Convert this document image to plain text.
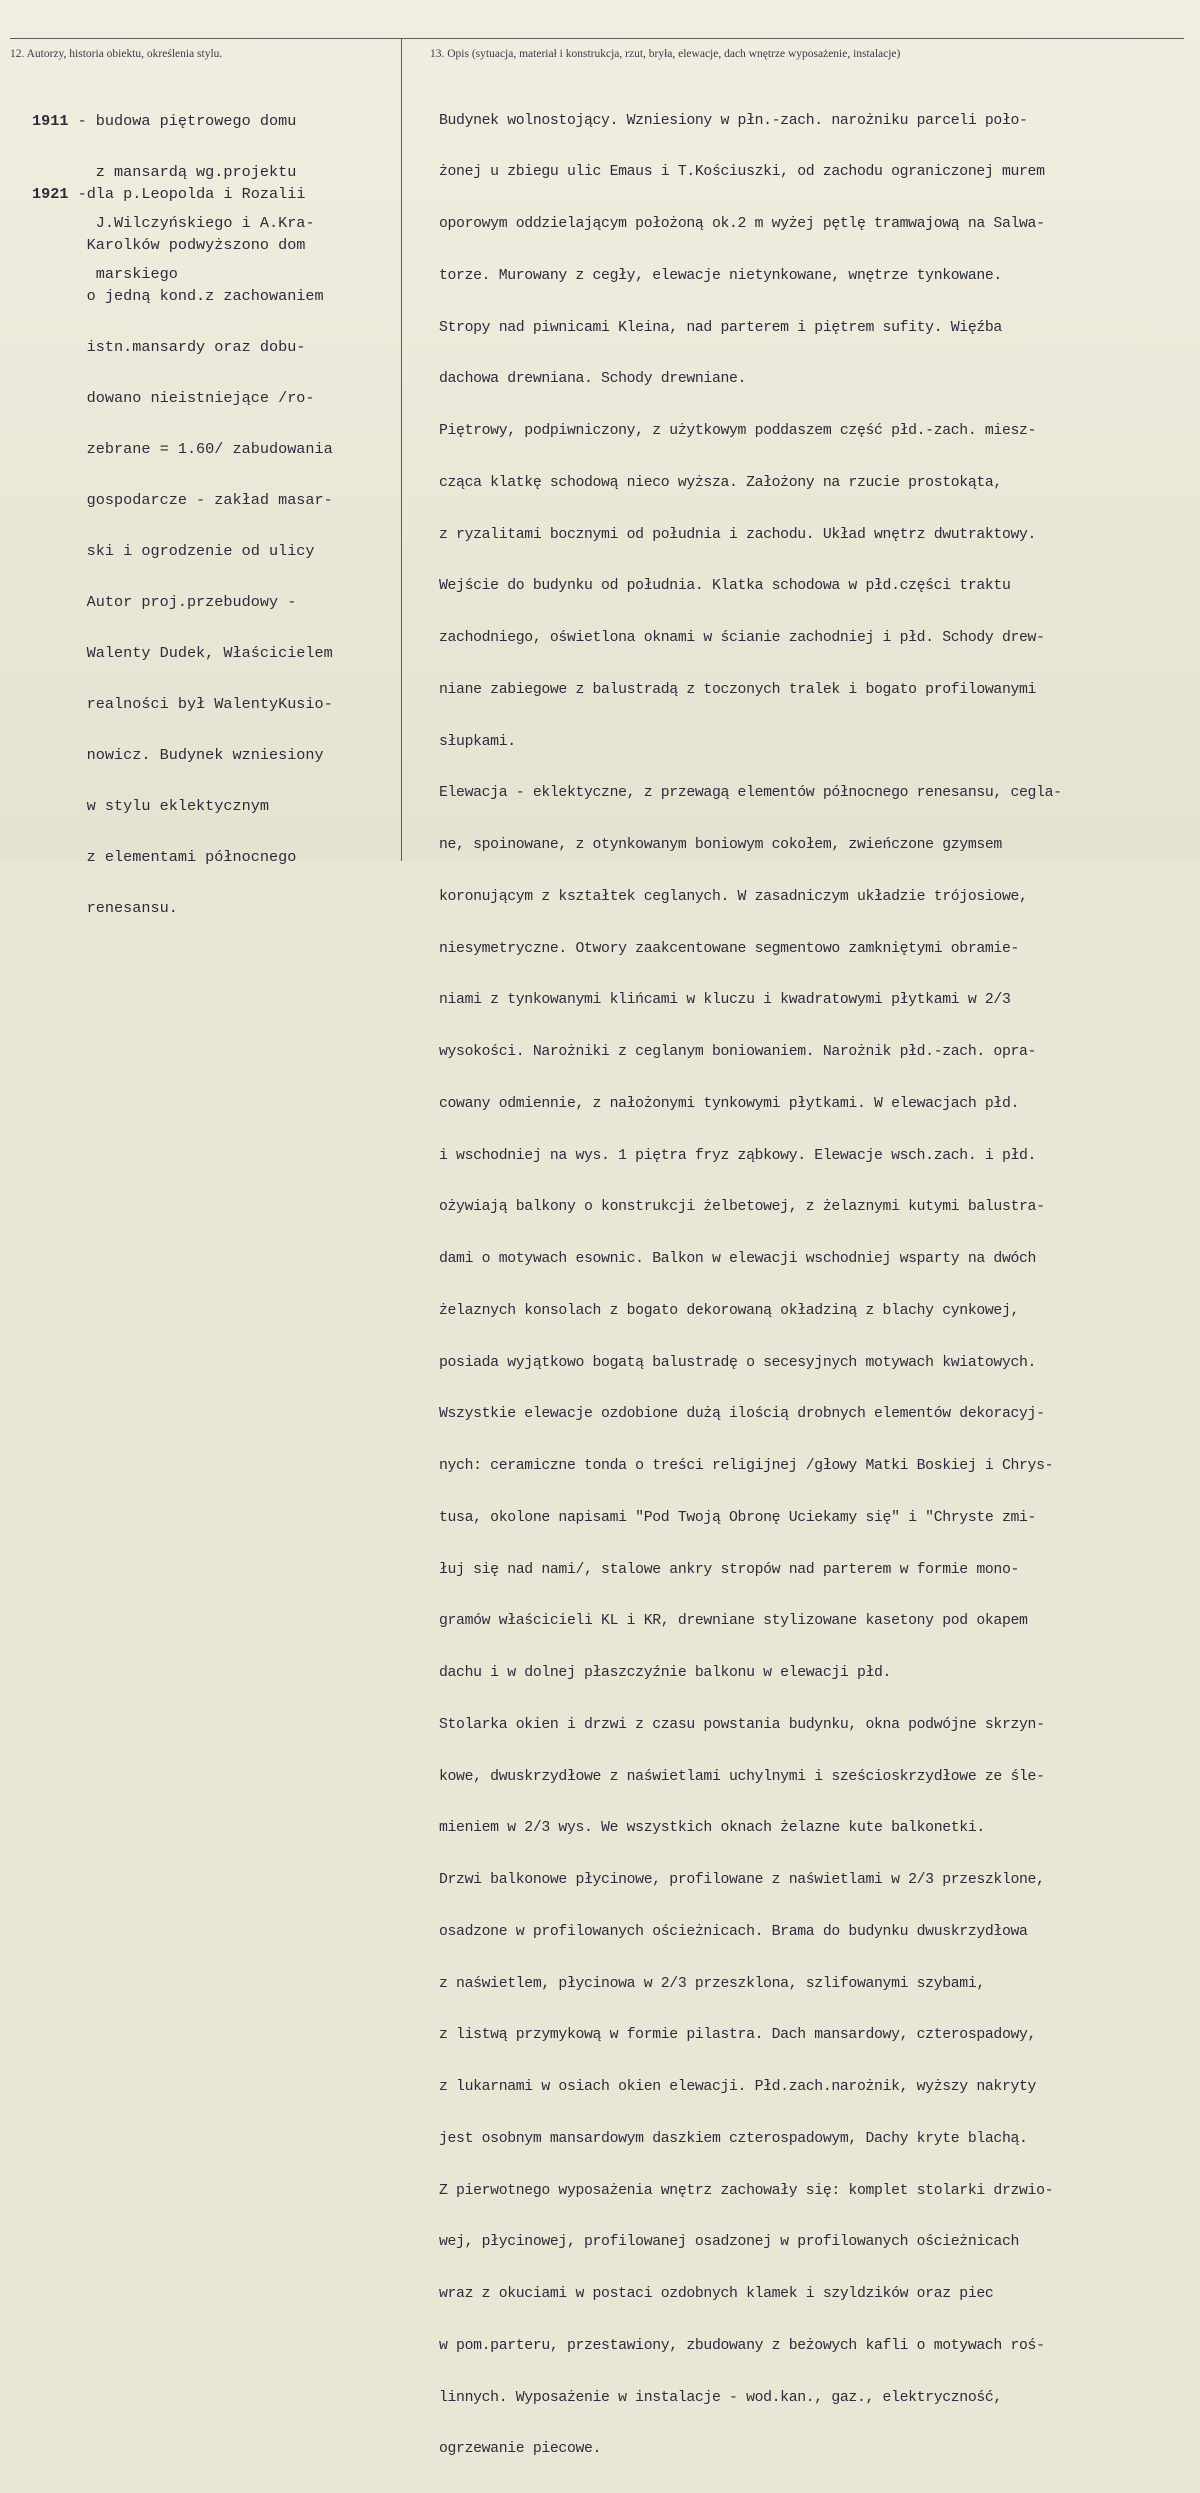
12. Autorzy, historia obiektu, określenia stylu.	13. Opis (sytuacja, materiał i konstrukcja, rzut, bryła, elewacje, dach wnętrze wyposażenie, instalacje)

1911 - budowa piętrowego domu

z mansardą wg.projektu

J.Wilczyńskiego i A.Kra-

marskiego

1921 -dla p.Leopolda i Rozalii

Karolków podwyższono dom

o jedną kond.z zachowaniem

istn.mansardy oraz dobu-

dowano nieistniejące /ro-

zebrane = 1.60/ zabudowania

gospodarcze - zakład masar-

ski i ogrodzenie od ulicy

Autor proj.przebudowy -

Walenty Dudek, Właścicielem

realności był WalentyKusio-

nowicz. Budynek wzniesiony

w stylu eklektycznym

z elementami północnego

renesansu.

Budynek wolnostojący. Wzniesiony w płn.-zach. narożniku parceli poło-

żonej u zbiegu ulic Emaus i T.Kościuszki, od zachodu ograniczonej murem

oporowym oddzielającym położoną ok.2 m wyżej pętlę tramwajową na Salwa-

torze. Murowany z cegły, elewacje nietynkowane, wnętrze tynkowane.

Stropy nad piwnicami Kleina, nad parterem i piętrem sufity. Więźba

dachowa drewniana. Schody drewniane.

Piętrowy, podpiwniczony, z użytkowym poddaszem część płd.-zach. miesz-

cząca klatkę schodową nieco wyższa. Założony na rzucie prostokąta,

z ryzalitami bocznymi od południa i zachodu. Układ wnętrz dwutraktowy.

Wejście do budynku od południa. Klatka schodowa w płd.części traktu

zachodniego, oświetlona oknami w ścianie zachodniej i płd. Schody drew-

niane zabiegowe z balustradą z toczonych tralek i bogato profilowanymi

słupkami.

Elewacja - eklektyczne, z przewagą elementów północnego renesansu, cegla-

ne, spoinowane, z otynkowanym boniowym cokołem, zwieńczone gzymsem

koronującym z kształtek ceglanych. W zasadniczym układzie trójosiowe,

niesymetryczne. Otwory zaakcentowane segmentowo zamkniętymi obramie-

niami z tynkowanymi klińcami w kluczu i kwadratowymi płytkami w 2/3

wysokości. Narożniki z ceglanym boniowaniem. Narożnik płd.-zach. opra-

cowany odmiennie, z nałożonymi tynkowymi płytkami. W elewacjach płd.

i wschodniej na wys. 1 piętra fryz ząbkowy. Elewacje wsch.zach. i płd.

ożywiają balkony o konstrukcji żelbetowej, z żelaznymi kutymi balustra-

dami o motywach esownic. Balkon w elewacji wschodniej wsparty na dwóch

żelaznych konsolach z bogato dekorowaną okładziną z blachy cynkowej,

posiada wyjątkowo bogatą balustradę o secesyjnych motywach kwiatowych.

Wszystkie elewacje ozdobione dużą ilością drobnych elementów dekoracyj-

nych: ceramiczne tonda o treści religijnej /głowy Matki Boskiej i Chrys-

tusa, okolone napisami "Pod Twoją Obronę Uciekamy się" i "Chryste zmi-

łuj się nad nami/, stalowe ankry stropów nad parterem w formie mono-

gramów właścicieli KL i KR, drewniane stylizowane kasetony pod okapem

dachu i w dolnej płaszczyźnie balkonu w elewacji płd.

Stolarka okien i drzwi z czasu powstania budynku, okna podwójne skrzyn-

kowe, dwuskrzydłowe z naświetlami uchylnymi i sześcioskrzydłowe ze śle-

mieniem w 2/3 wys. We wszystkich oknach żelazne kute balkonetki.

Drzwi balkonowe płycinowe, profilowane z naświetlami w 2/3 przeszklone,

osadzone w profilowanych ościeżnicach. Brama do budynku dwuskrzydłowa

z naświetlem, płycinowa w 2/3 przeszklona, szlifowanymi szybami,

z listwą przymykową w formie pilastra. Dach mansardowy, czterospadowy,

z lukarnami w osiach okien elewacji. Płd.zach.narożnik, wyższy nakryty

jest osobnym mansardowym daszkiem czterospadowym, Dachy kryte blachą.

Z pierwotnego wyposażenia wnętrz zachowały się: komplet stolarki drzwio-

wej, płycinowej, profilowanej osadzonej w profilowanych ościeżnicach

wraz z okuciami w postaci ozdobnych klamek i szyldzików oraz piec

w pom.parteru, przestawiony, zbudowany z beżowych kafli o motywach roś-

linnych. Wyposażenie w instalacje - wod.kan., gaz., elektryczność,

ogrzewanie piecowe.
